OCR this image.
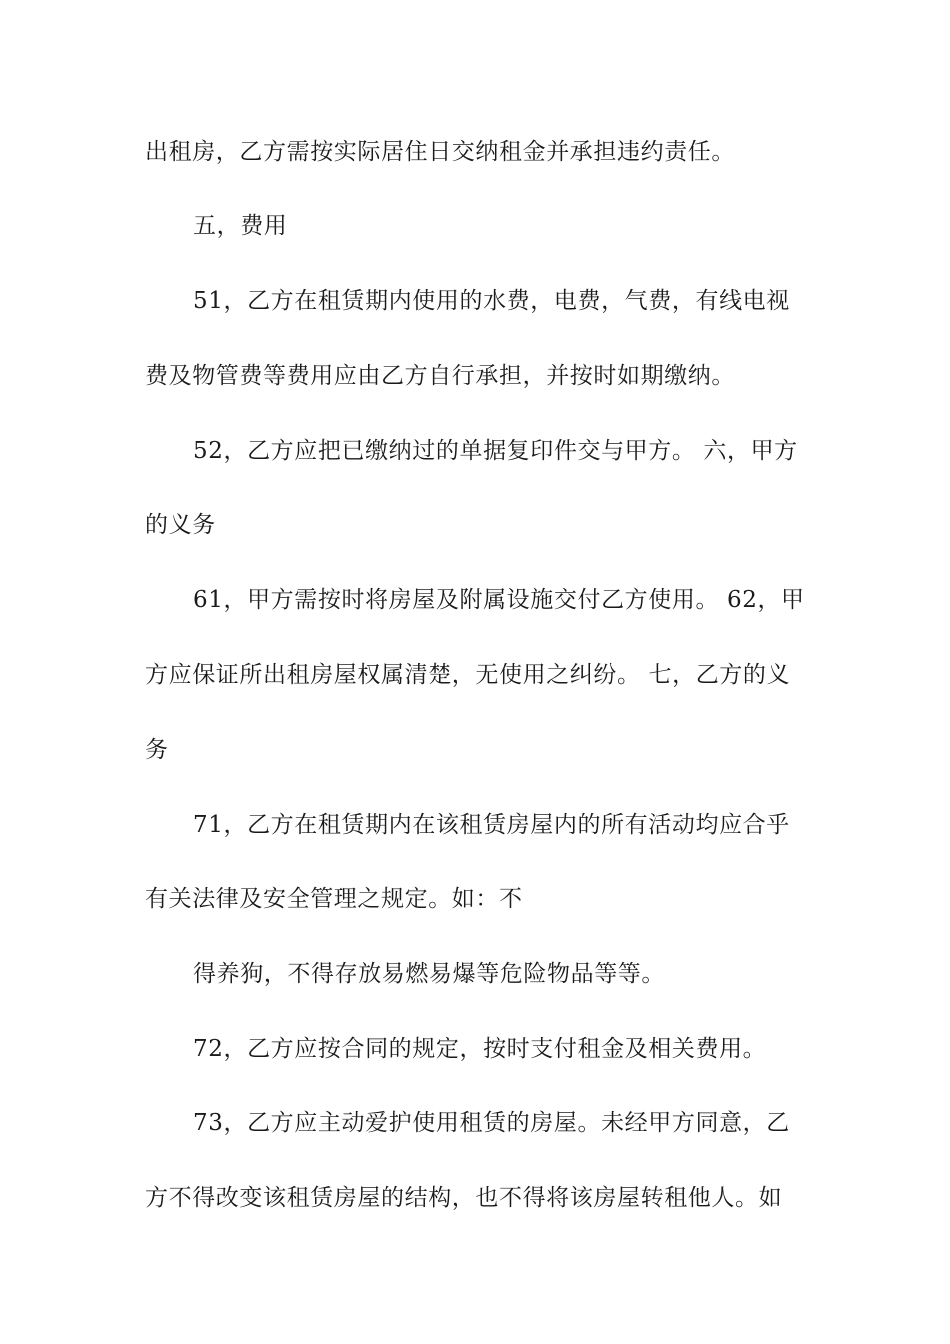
出租房，乙方需按实际居住日交纳租金并承担违约责任。
五，费用
51，乙方在租赁期内使用的水费，电费，气费，有线电视
费及物管费等费用应由乙方自行承担，并按时如期缴纳。
52，乙方应把已缴纳过的单据复印件交与甲方。 六，甲方
的义务
61，甲方需按时将房屋及附属设施交付乙方使用。 62，甲
方应保证所出租房屋权属清楚，无使用之纠纷。 七，乙方的义
务
71，乙方在租赁期内在该租赁房屋内的所有活动均应合乎
有关法律及安全管理之规定。如：不
得养狗，不得存放易燃易爆等危险物品等等。
72，乙方应按合同的规定，按时支付租金及相关费用。
73，乙方应主动爱护使用租赁的房屋。未经甲方同意，乙
方不得改变该租赁房屋的结构，也不得将该房屋转租他人。如
